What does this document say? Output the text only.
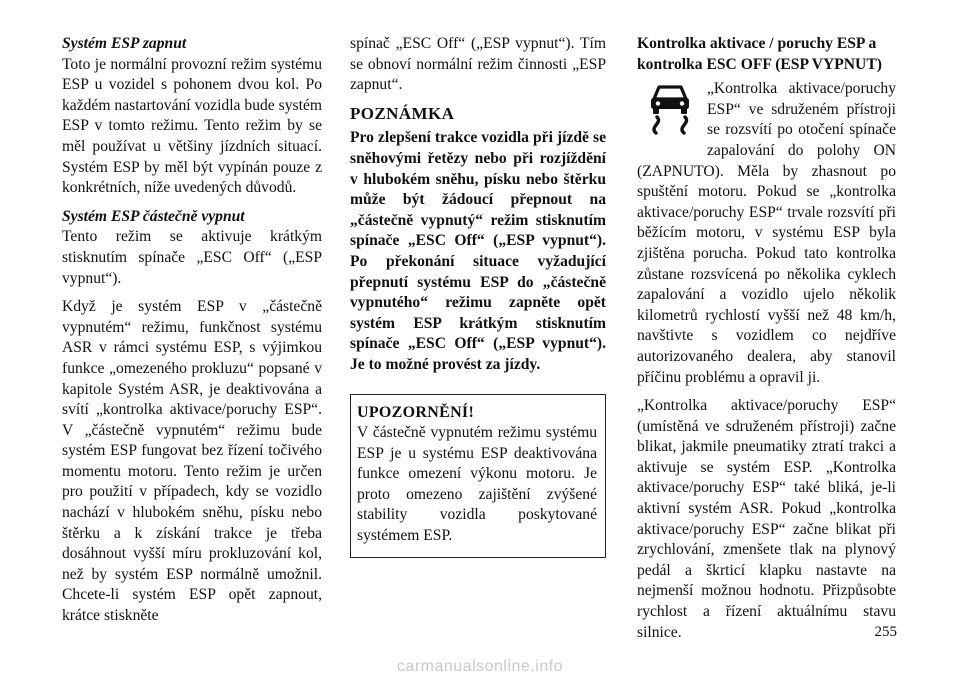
Systém ESP zapnut

Toto je normální provozní režim systému ESP u vozidel s pohonem dvou kol. Po každém nastartování vozidla bude systém ESP v tomto režimu. Tento režim by se měl používat u většiny jízdních situací. Systém ESP by měl být vypínán pouze z konkrétních, níže uvedených důvodů.

Systém ESP částečně vypnut

Tento režim se aktivuje krátkým stisknutím spínače „ESC Off“ („ESP vypnut“).

Když je systém ESP v „částečně vypnutém“ režimu, funkčnost systému ASR v rámci systému ESP, s výjimkou funkce „omezeného prokluzu“ popsané v kapitole Systém ASR, je deaktivována a svítí „kontrolka aktivace/poruchy ESP“. V „částečně vypnutém“ režimu bude systém ESP fungovat bez řízení točivého momentu motoru. Tento režim je určen pro použití v případech, kdy se vozidlo nachází v hlubokém sněhu, písku nebo štěrku a k získání trakce je třeba dosáhnout vyšší míru prokluzování kol, než by systém ESP normálně umožnil. Chcete-li systém ESP opět zapnout, krátce stiskněte

spínač „ESC Off“ („ESP vypnut“). Tím se obnoví normální režim činnosti „ESP zapnut“.

POZNÁMKA

Pro zlepšení trakce vozidla při jízdě se sněhovými řetězy nebo při rozjíždění v hlubokém sněhu, písku nebo štěrku může být žádoucí přepnout na „částečně vypnutý“ režim stisknutím spínače „ESC Off“ („ESP vypnut“). Po překonání situace vyžadující přepnutí systému ESP do „částečně vypnutého“ režimu zapněte opět systém ESP krátkým stisknutím spínače „ESC Off“ („ESP vypnut“). Je to možné provést za jízdy.

UPOZORNĚNÍ!

V částečně vypnutém režimu systému ESP je u systému ESP deaktivována funkce omezení výkonu motoru. Je proto omezeno zajištění zvýšené stability vozidla poskytované systémem ESP.

Kontrolka aktivace / poruchy ESP a kontrolka ESC OFF (ESP VYPNUT)

„Kontrolka aktivace/poruchy ESP“ ve sdruženém přístroji se rozsvítí po otočení spínače zapalování do polohy ON (ZAPNUTO). Měla by zhasnout po spuštění motoru. Pokud se „kontrolka aktivace/poruchy ESP“ trvale rozsvítí při běžícím motoru, v systému ESP byla zjištěna porucha. Pokud tato kontrolka zůstane rozsvícená po několika cyklech zapalování a vozidlo ujelo několik kilometrů rychlostí vyšší než 48 km/h, navštivte s vozidlem co nejdříve autorizovaného dealera, aby stanovil příčinu problému a opravil ji.

„Kontrolka aktivace/poruchy ESP“ (umístěná ve sdruženém přístroji) začne blikat, jakmile pneumatiky ztratí trakci a aktivuje se systém ESP. „Kontrolka aktivace/poruchy ESP“ také bliká, je-li aktivní systém ASR. Pokud „kontrolka aktivace/poruchy ESP“ začne blikat při zrychlování, zmenšete tlak na plynový pedál a škrticí klapku nastavte na nejmenší možnou hodnotu. Přizpůsobte rychlost a řízení aktuálnímu stavu silnice.	255
carmanualsonline.info
